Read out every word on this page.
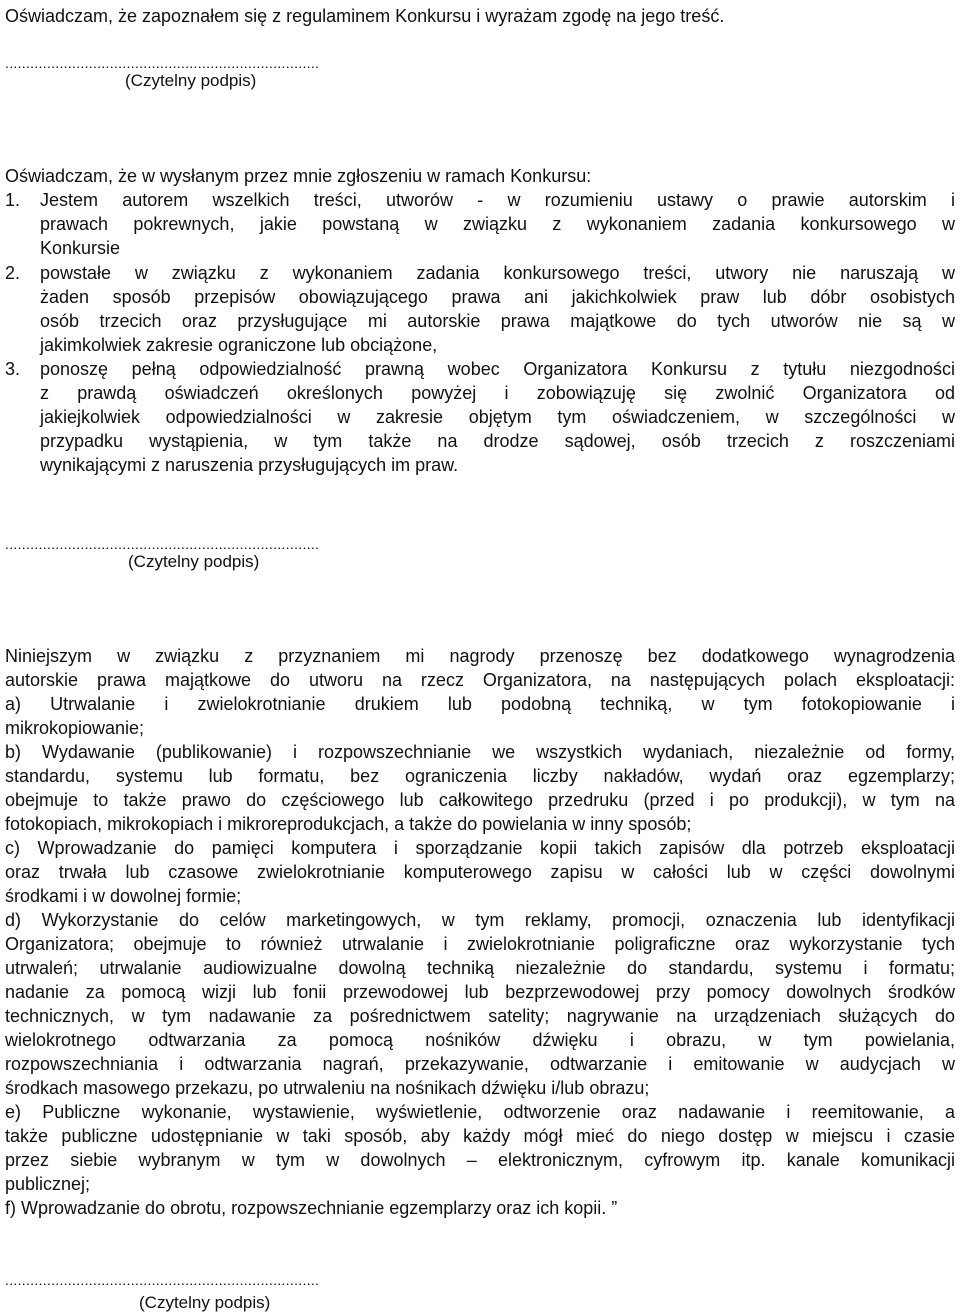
Oświadczam, że zapoznałem się z regulaminem Konkursu i wyrażam zgodę na jego treść.

...........................................................................
(Czytelny podpis)

Oświadczam, że w wysłanym przez mnie zgłoszeniu w ramach Konkursu:

1.	Jestem autorem wszelkich treści, utworów - w rozumieniu ustawy o prawie autorskim i
prawach pokrewnych, jakie powstaną w związku z wykonaniem zadania konkursowego w
Konkursie
2.	powstałe w związku z wykonaniem zadania konkursowego treści, utwory nie naruszają w
żaden sposób przepisów obowiązującego prawa ani jakichkolwiek praw lub dóbr osobistych
osób trzecich oraz przysługujące mi autorskie prawa majątkowe do tych utworów nie są w
jakimkolwiek zakresie ograniczone lub obciążone,
3.	ponoszę pełną odpowiedzialność prawną wobec Organizatora Konkursu z tytułu niezgodności
z prawdą oświadczeń określonych powyżej i zobowiązuję się zwolnić Organizatora od
jakiejkolwiek odpowiedzialności w zakresie objętym tym oświadczeniem, w szczególności w
przypadku wystąpienia, w tym także na drodze sądowej, osób trzecich z roszczeniami
wynikającymi z naruszenia przysługujących im praw.
...........................................................................
(Czytelny podpis)
Niniejszym w związku z przyznaniem mi nagrody przenoszę bez dodatkowego wynagrodzenia
autorskie prawa majątkowe do utworu na rzecz Organizatora, na następujących polach eksploatacji:
a) Utrwalanie i zwielokrotnianie drukiem lub podobną techniką, w tym fotokopiowanie i
mikrokopiowanie;
b) Wydawanie (publikowanie) i rozpowszechnianie we wszystkich wydaniach, niezależnie od formy,
standardu, systemu lub formatu, bez ograniczenia liczby nakładów, wydań oraz egzemplarzy;
obejmuje to także prawo do częściowego lub całkowitego przedruku (przed i po produkcji), w tym na
fotokopiach, mikrokopiach i mikroreprodukcjach, a także do powielania w inny sposób;
c) Wprowadzanie do pamięci komputera i sporządzanie kopii takich zapisów dla potrzeb eksploatacji
oraz trwała lub czasowe zwielokrotnianie komputerowego zapisu w całości lub w części dowolnymi
środkami i w dowolnej formie;
d) Wykorzystanie do celów marketingowych, w tym reklamy, promocji, oznaczenia lub identyfikacji
Organizatora; obejmuje to również utrwalanie i zwielokrotnianie poligraficzne oraz wykorzystanie tych
utrwaleń; utrwalanie audiowizualne dowolną techniką niezależnie do standardu, systemu i formatu;
nadanie za pomocą wizji lub fonii przewodowej lub bezprzewodowej przy pomocy dowolnych środków
technicznych, w tym nadawanie za pośrednictwem satelity; nagrywanie na urządzeniach służących do
wielokrotnego odtwarzania za pomocą nośników dźwięku i obrazu, w tym powielania,
rozpowszechniania i odtwarzania nagrań, przekazywanie, odtwarzanie i emitowanie w audycjach w
środkach masowego przekazu, po utrwaleniu na nośnikach dźwięku i/lub obrazu;
e) Publiczne wykonanie, wystawienie, wyświetlenie, odtworzenie oraz nadawanie i reemitowanie, a
także publiczne udostępnianie w taki sposób, aby każdy mógł mieć do niego dostęp w miejscu i czasie
przez siebie wybranym w tym w dowolnych – elektronicznym, cyfrowym itp. kanale komunikacji
publicznej;
f) Wprowadzanie do obrotu, rozpowszechnianie egzemplarzy oraz ich kopii. ”
...........................................................................
(Czytelny podpis)
